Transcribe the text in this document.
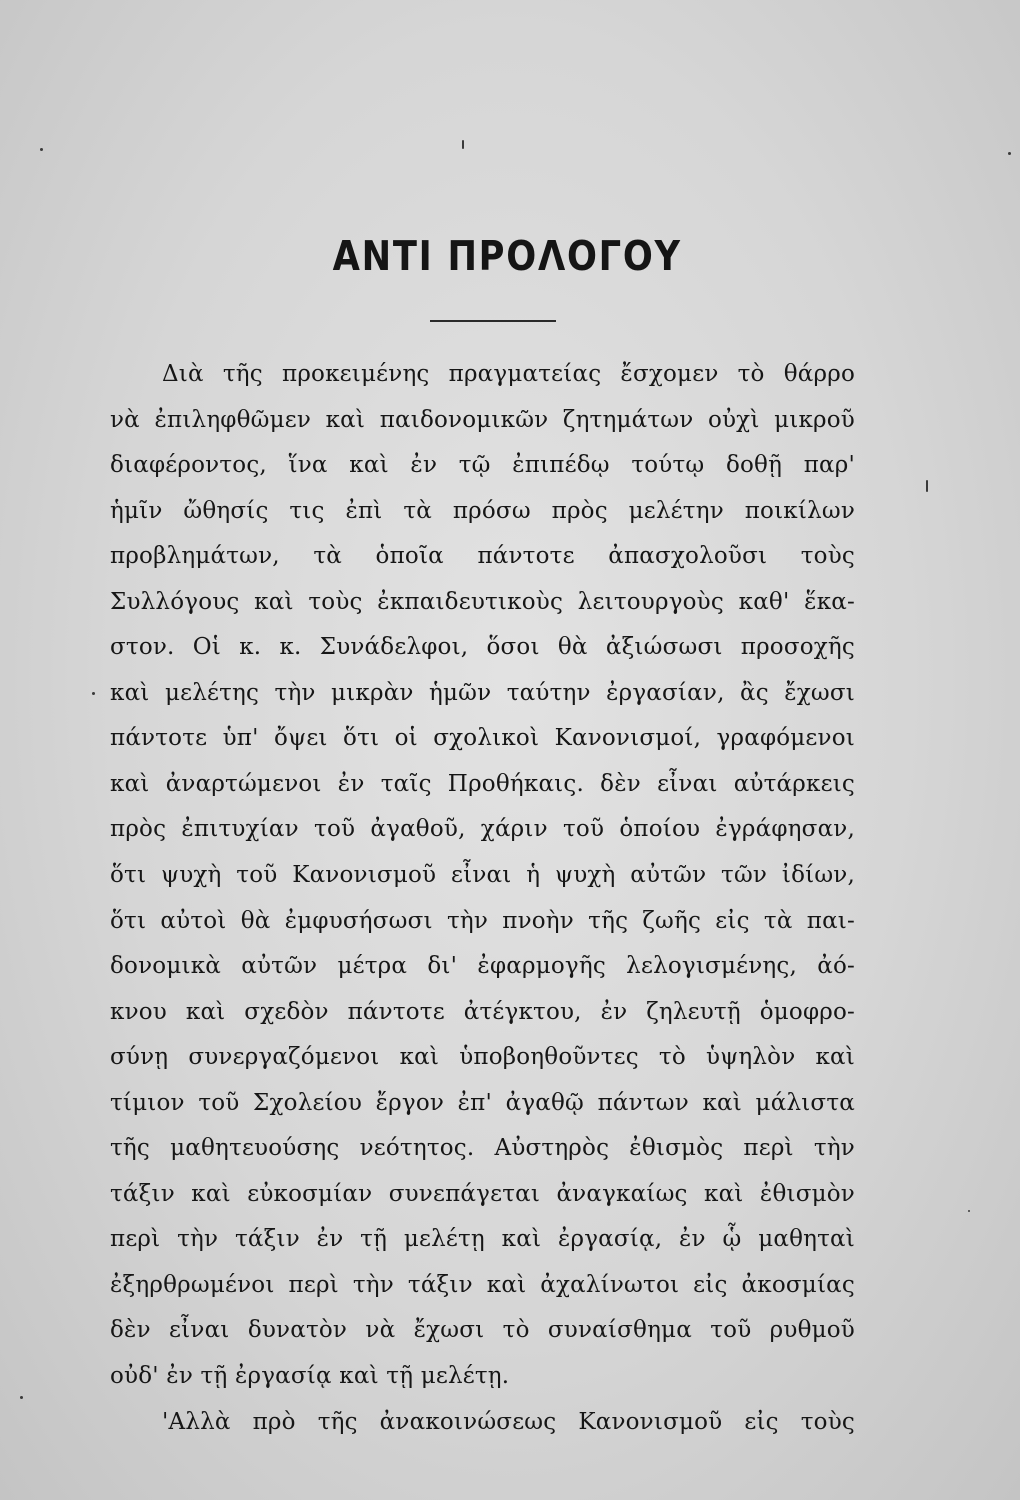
ΑΝΤΙ ΠΡΟΛΟΓΟΥ
Διὰ τῆς προκειμένης πραγματείας ἔσχομεν τὸ θάρρο
νὰ ἐπιληφθῶμεν καὶ παιδονομικῶν ζητημάτων οὐχὶ μικροῦ
διαφέροντος, ἵνα καὶ ἐν τῷ ἐπιπέδῳ τούτῳ δοθῇ παρ'
ἡμῖν ὤθησίς τις ἐπὶ τὰ πρόσω πρὸς μελέτην ποικίλων
προβλημάτων, τὰ ὁποῖα πάντοτε ἀπασχολοῦσι τοὺς
Συλλόγους καὶ τοὺς ἐκπαιδευτικοὺς λειτουργοὺς καθ' ἕκα-
στον. Οἱ κ. κ. Συνάδελφοι, ὅσοι θὰ ἀξιώσωσι προσοχῆς
καὶ μελέτης τὴν μικρὰν ἡμῶν ταύτην ἐργασίαν, ἂς ἔχωσι
πάντοτε ὑπ' ὄψει ὅτι οἱ σχολικοὶ Κανονισμοί, γραφόμενοι
καὶ ἀναρτώμενοι ἐν ταῖς Προθήκαις. δὲν εἶναι αὐτάρκεις
πρὸς ἐπιτυχίαν τοῦ ἀγαθοῦ, χάριν τοῦ ὁποίου ἐγράφησαν,
ὅτι ψυχὴ τοῦ Κανονισμοῦ εἶναι ἡ ψυχὴ αὐτῶν τῶν ἰδίων,
ὅτι αὐτοὶ θὰ ἐμφυσήσωσι τὴν πνοὴν τῆς ζωῆς εἰς τὰ παι-
δονομικὰ αὐτῶν μέτρα δι' ἐφαρμογῆς λελογισμένης, ἀό-
κνου καὶ σχεδὸν πάντοτε ἀτέγκτου, ἐν ζηλευτῇ ὁμοφρο-
σύνῃ συνεργαζόμενοι καὶ ὑποβοηθοῦντες τὸ ὑψηλὸν καὶ
τίμιον τοῦ Σχολείου ἔργον ἐπ' ἀγαθῷ πάντων καὶ μάλιστα
τῆς μαθητευούσης νεότητος. Αὐστηρὸς ἐθισμὸς περὶ τὴν
τάξιν καὶ εὐκοσμίαν συνεπάγεται ἀναγκαίως καὶ ἐθισμὸν
περὶ τὴν τάξιν ἐν τῇ μελέτῃ καὶ ἐργασίᾳ, ἐν ᾧ μαθηταὶ
ἐξηρθρωμένοι περὶ τὴν τάξιν καὶ ἀχαλίνωτοι εἰς ἀκοσμίας
δὲν εἶναι δυνατὸν νὰ ἔχωσι τὸ συναίσθημα τοῦ ρυθμοῦ
οὐδ' ἐν τῇ ἐργασίᾳ καὶ τῇ μελέτῃ.
'Αλλὰ πρὸ τῆς ἀνακοινώσεως Κανονισμοῦ εἰς τοὺς
